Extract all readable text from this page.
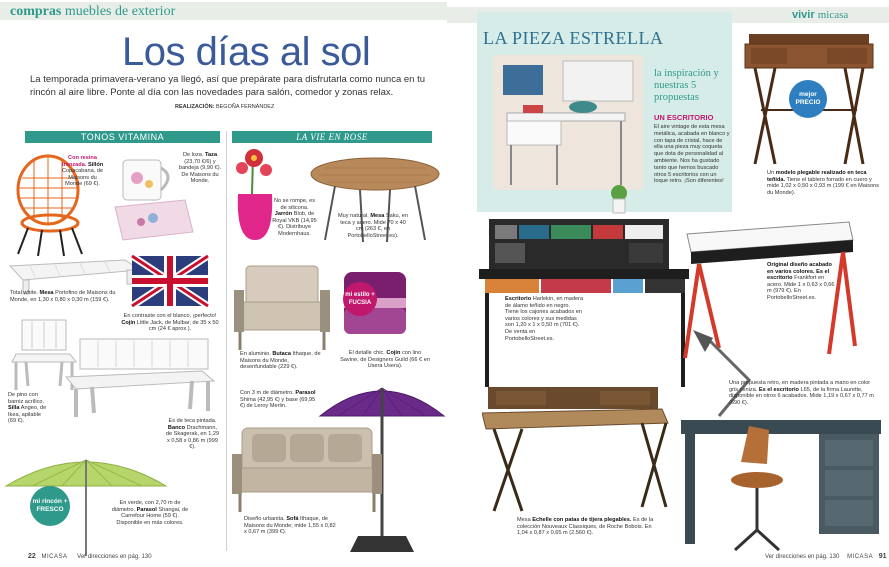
compras muebles de exterior
Los días al sol
La temporada primavera-verano ya llegó, así que prepárate para disfrutarla como nunca en tu rincón al aire libre. Ponte al día con las novedades para salón, comedor y zonas relax.
REALIZACIÓN: BEGOÑA FERNÁNDEZ
TONOS VITAMINA	LA VIE EN ROSE
Con resina trenzada. Sillón Copacabana, de Maisons du Monde (69 €).
De loza. Taza (23,70 €/6) y bandeja (9,90 €). De Maisons du Monde.
No se rompe, es de silicona. Jarrón Blob, de Royal VKB (14,95 €). Distribuye Modernhaus.
Muy natural. Mesa Saku, en teca y acero. Mide 70 x 40 cm (263 €, en PortobelloStreet.es).
Total white. Mesa Portofino de Maisons du Monde, en 1,30 x 0,80 x 0,30 m (159 €).
En contraste con el blanco, ¡perfecto! Cojín Little Jack, de Mulbar, de 35 x 50 cm (24 € aprox.).
De pino con barniz acrílico. Silla Angeo, de Ikea, apilable (69 €).	Es de teca pintada. Banco Drachmann, de Skagerak, en 1,29 x 0,58 x 0,86 m (999 €).
mi rincón + FRESCO
En verde, con 2,70 m de diámetro. Parasol Shangai, de Carrefour Home (59 €). Disponible en más colores.
En aluminio. Butaca Ithaque, de Maisons du Monde, desenfundable (229 €).
mi estilo + FUCSIA
El detalle chic. Cojín con lino Savine, de Designers Guild (66 € en Usera Usera).
Con 3 m de diámetro. Parasol Shima (42,95 €) y base (69,95 €) de Leroy Merlin.
Diseño urbanita. Sofá Ithaque, de Maisons du Monde; mide 1,55 x 0,82 x 0,67 m (399 €).
22 MICASA Ver direcciones en pág. 130
vivir micasa
LA PIEZA ESTRELLA
la inspiración y nuestras 5 propuestas
UN ESCRITORIO
El aire vintage de esta mesa metálica, acabada en blanco y con tapa de cristal, hace de ella una pieza muy coqueta que dota de personalidad al ambiente. Nos ha gustado tanto que hemos buscado otros 5 escritorios con un toque retro. ¡Son diferentes!
mejor PRECIO
Un modelo plegable realizado en teca teñida. Tiene el tablero forrado en cuero y mide 1,02 x 0,50 x 0,93 m (199 € en Maisons du Monde).
Escritorio Harlekin, en madera de álamo teñido en negro. Tiene los cajones acabados en varios colores y sus medidas son 1,20 x 1 x 0,50 m (701 €). De venta en PortobelloStreet.es.
Original diseño acabado en varios colores. Es el escritorio Frankfort en acero. Mide 1 x 0,63 x 0,66 m (979 €). En PortobelloStreet.es.
Mesa Echelle con patas de tijera plegables. Es de la colección Nouveaux Classiques, de Roche Bobois. En 1,04 x 0,87 x 0,65 m (2.560 €).
Una propuesta retro, en madera pintada a mano en color gris ceniza. Es el escritorio L65, de la firma Laurette, disponible en otros 6 acabados. Mide 1,19 x 0,67 x 0,77 m (690 €).
Ver direcciones en pág. 130 MICASA 91
